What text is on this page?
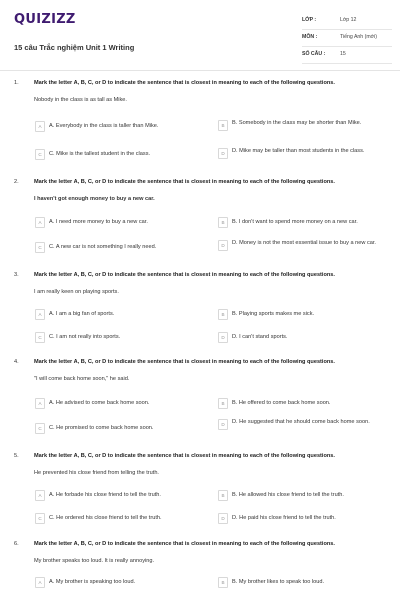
QUIZIZZ
15 câu Trắc nghiệm Unit 1 Writing
LỚP :	Lớp 12
MÔN :	Tiếng Anh (mới)
SỐ CÂU :	15
1.	Mark the letter A, B, C, or D to indicate the sentence that is closest in meaning to each of the following questions.
Nobody in the class is as tall as Mike.
A	A. Everybody in the class is taller than Mike.	B	B. Somebody in the class may be shorter than Mike.
C	C. Mike is the tallest student in the class.	D	D. Mike may be taller than most students in the class.
2.	Mark the letter A, B, C, or D to indicate the sentence that is closest in meaning to each of the following questions.
I haven't got enough money to buy a new car.
A	A. I need more money to buy a new car.	B	B. I don't want to spend more money on a new car.
C	C. A new car is not something I really need.	D	D. Money is not the most essential issue to buy a new car.
3.	Mark the letter A, B, C, or D to indicate the sentence that is closest in meaning to each of the following questions.
I am really keen on playing sports.
A	A. I am a big fan of sports.	B	B. Playing sports makes me sick.
C	C. I am not really into sports.	D	D. I can't stand sports.
4.	Mark the letter A, B, C, or D to indicate the sentence that is closest in meaning to each of the following questions.
"I will come back home soon," he said.
A	A. He advised to come back home soon.	B	B. He offered to come back home soon.
C	C. He promised to come back home soon.	D	D. He suggested that he should come back home soon.
5.	Mark the letter A, B, C, or D to indicate the sentence that is closest in meaning to each of the following questions.
He prevented his close friend from telling the truth.
A	A. He forbade his close friend to tell the truth.	B	B. He allowed his close friend to tell the truth.
C	C. He ordered his close friend to tell the truth.	D	D. He paid his close friend to tell the truth.
6.	Mark the letter A, B, C, or D to indicate the sentence that is closest in meaning to each of the following questions.
My brother speaks too loud. It is really annoying.
A	A. My brother is speaking too loud.	B	B. My brother likes to speak too loud.
